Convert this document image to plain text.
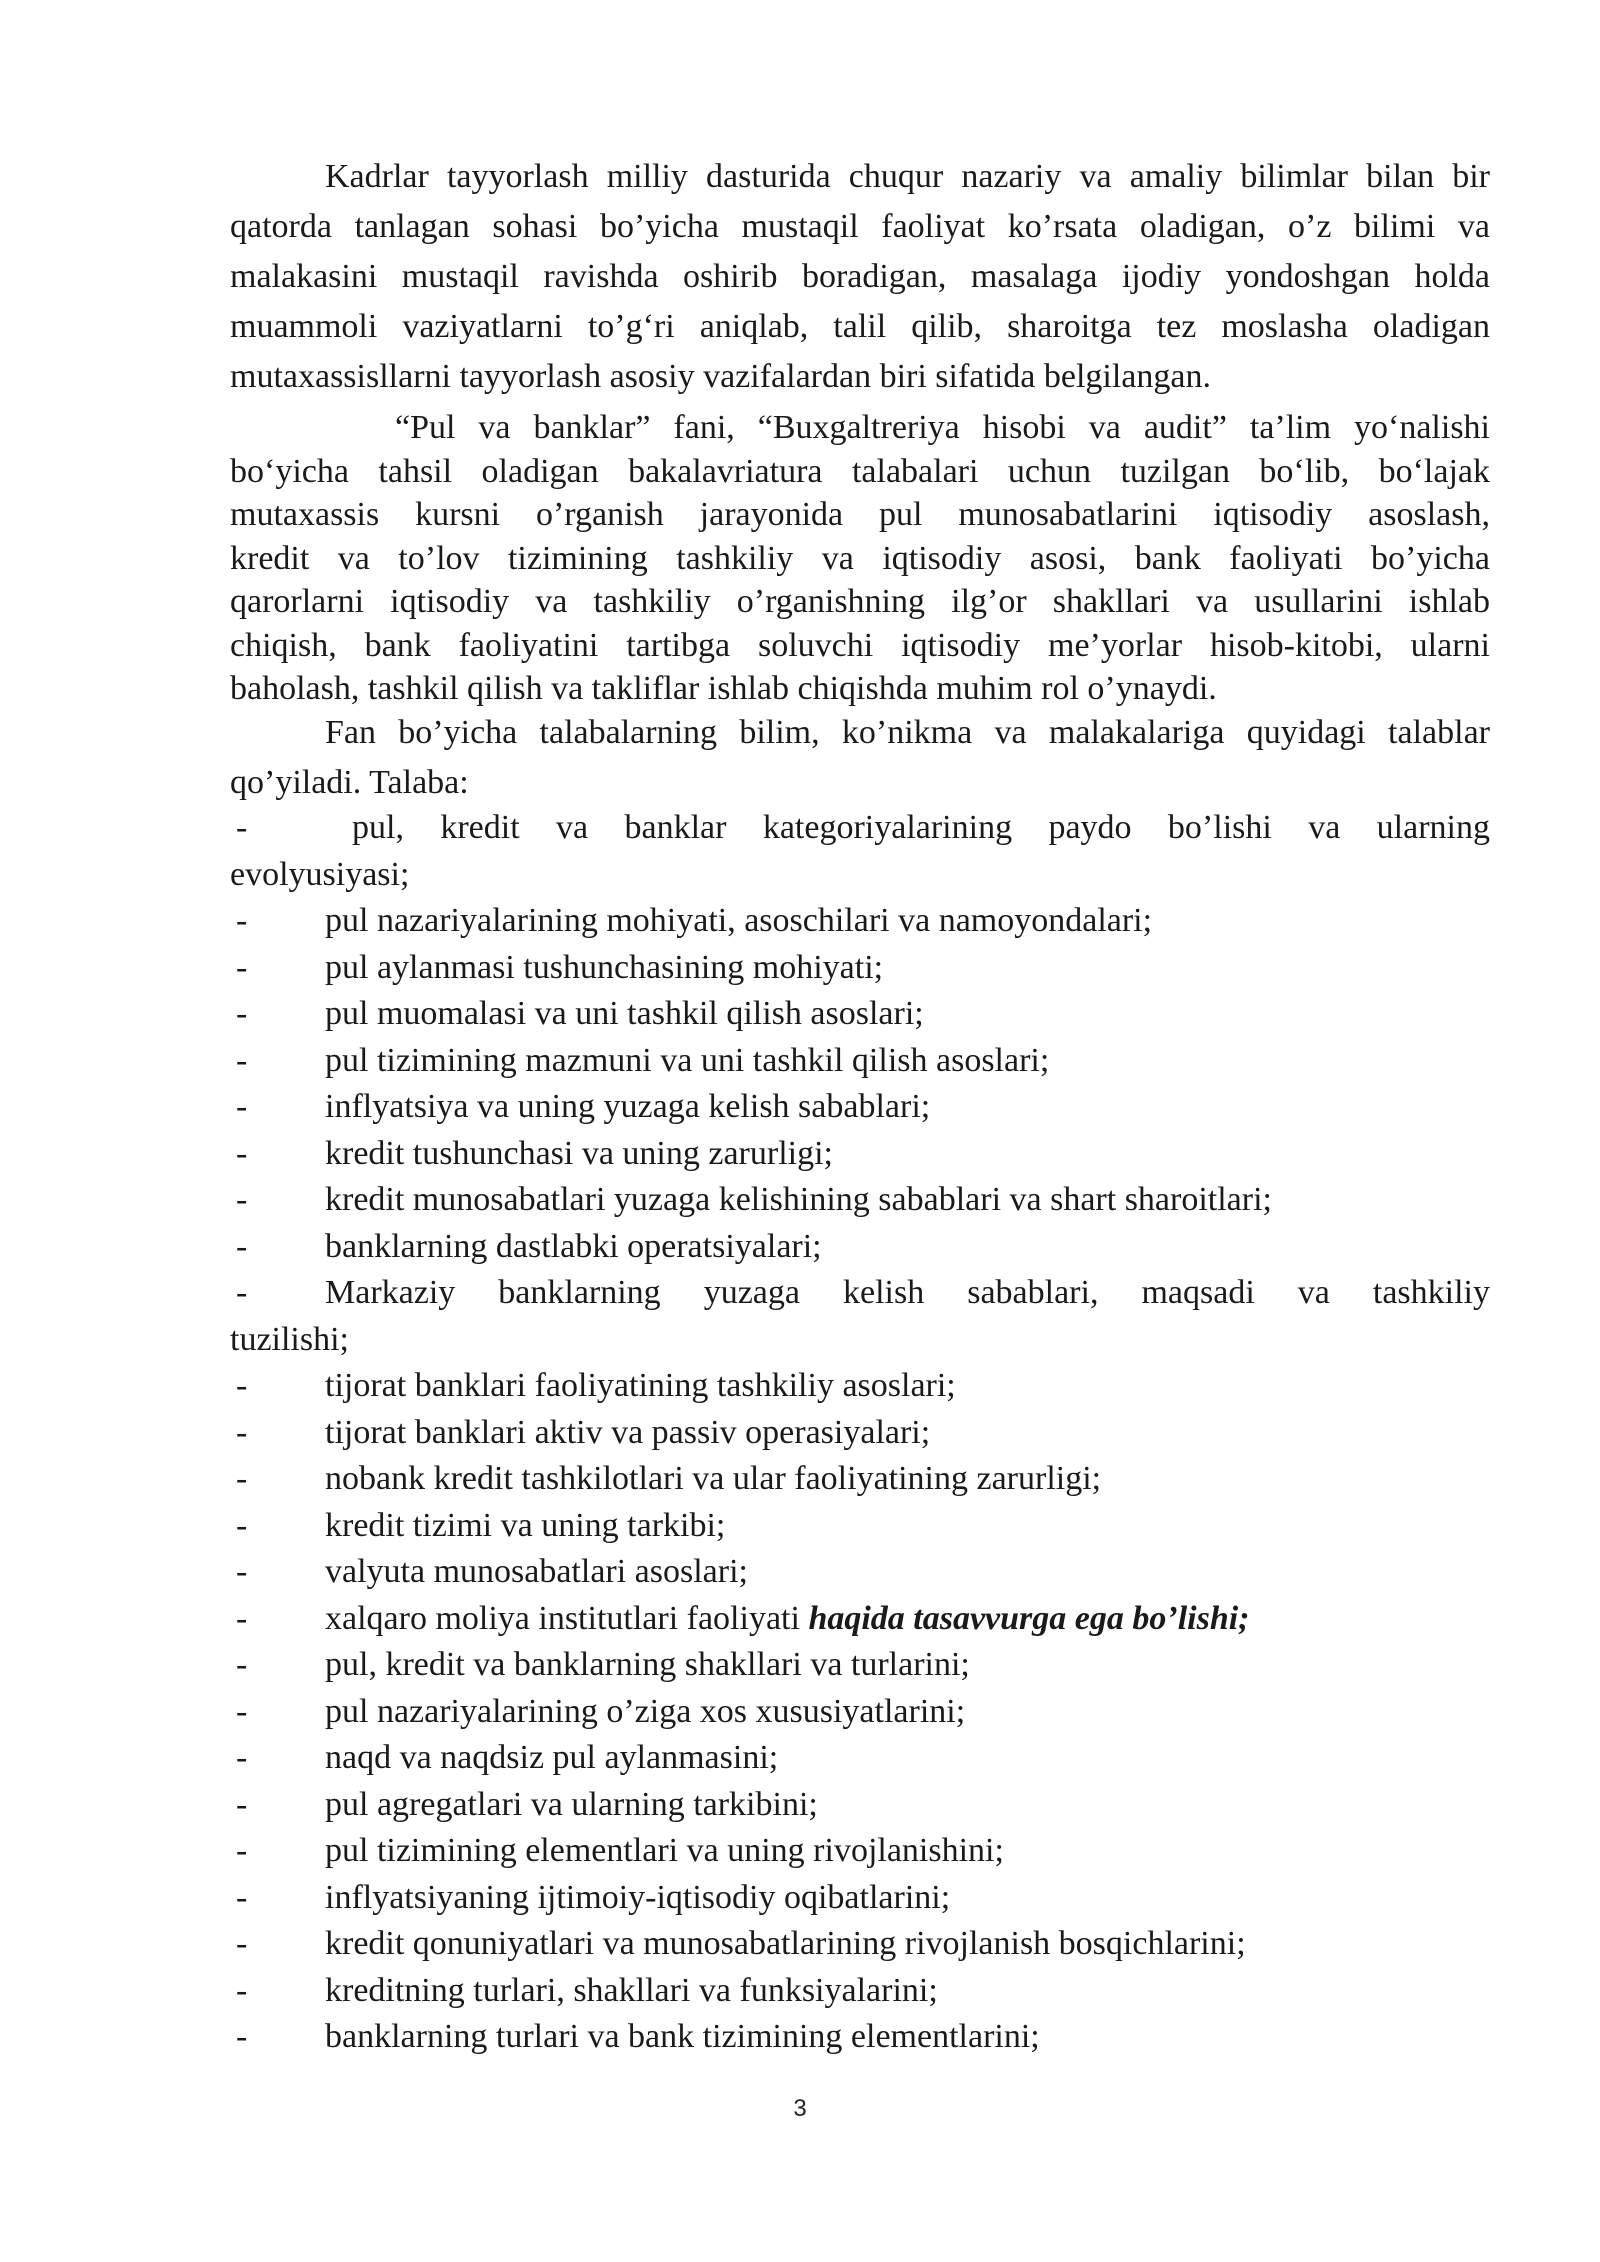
Kadrlar tayyorlash milliy dasturida chuqur nazariy va amaliy bilimlar bilan bir
qatorda tanlagan sohasi bo’yicha mustaqil faoliyat ko’rsata oladigan, o’z bilimi va
malakasini mustaqil ravishda oshirib boradigan, masalaga ijodiy yondoshgan holda
muammoli vaziyatlarni to’g‘ri aniqlab, talil qilib, sharoitga tez moslasha oladigan
mutaxassisllarni tayyorlash asosiy vazifalardan biri sifatida belgilangan.
“Pul va banklar” fani, “Buxgaltreriya hisobi va audit” ta’lim yo‘nalishi
bo‘yicha tahsil oladigan bakalavriatura talabalari uchun tuzilgan bo‘lib, bo‘lajak
mutaxassis kursni o’rganish jarayonida pul munosabatlarini iqtisodiy asoslash,
kredit va to’lov tizimining tashkiliy va iqtisodiy asosi, bank faoliyati bo’yicha
qarorlarni iqtisodiy va tashkiliy o’rganishning ilg’or shakllari va usullarini ishlab
chiqish, bank faoliyatini tartibga soluvchi iqtisodiy me’yorlar hisob-kitobi, ularni
baholash, tashkil qilish va takliflar ishlab chiqishda muhim rol o’ynaydi.
Fan bo’yicha talabalarning bilim, ko’nikma va malakalariga quyidagi talablar
qo’yiladi. Talaba:
-	pul, kredit va banklar kategoriyalarining paydo bo’lishi va ularning
evolyusiyasi;
-	pul nazariyalarining mohiyati, asoschilari va namoyondalari;
-	pul aylanmasi tushunchasining mohiyati;
-	pul muomalasi va uni tashkil qilish asoslari;
-	pul tizimining mazmuni va uni tashkil qilish asoslari;
-	inflyatsiya va uning yuzaga kelish sabablari;
-	kredit tushunchasi va uning zarurligi;
-	kredit munosabatlari yuzaga kelishining sabablari va shart sharoitlari;
-	banklarning dastlabki operatsiyalari;
-	Markaziy banklarning yuzaga kelish sabablari, maqsadi va tashkiliy
tuzilishi;
-	tijorat banklari faoliyatining tashkiliy asoslari;
-	tijorat banklari aktiv va passiv operasiyalari;
-	nobank kredit tashkilotlari va ular faoliyatining zarurligi;
-	kredit tizimi va uning tarkibi;
-	valyuta munosabatlari asoslari;
-	xalqaro moliya institutlari faoliyati haqida tasavvurga ega bo’lishi;
-	pul, kredit va banklarning shakllari va turlarini;
-	pul nazariyalarining o’ziga xos xususiyatlarini;
-	naqd va naqdsiz pul aylanmasini;
-	pul agregatlari va ularning tarkibini;
-	pul tizimining elementlari va uning rivojlanishini;
-	inflyatsiyaning ijtimoiy-iqtisodiy oqibatlarini;
-	kredit qonuniyatlari va munosabatlarining rivojlanish bosqichlarini;
-	kreditning turlari, shakllari va funksiyalarini;
-	banklarning turlari va bank tizimining elementlarini;
3
